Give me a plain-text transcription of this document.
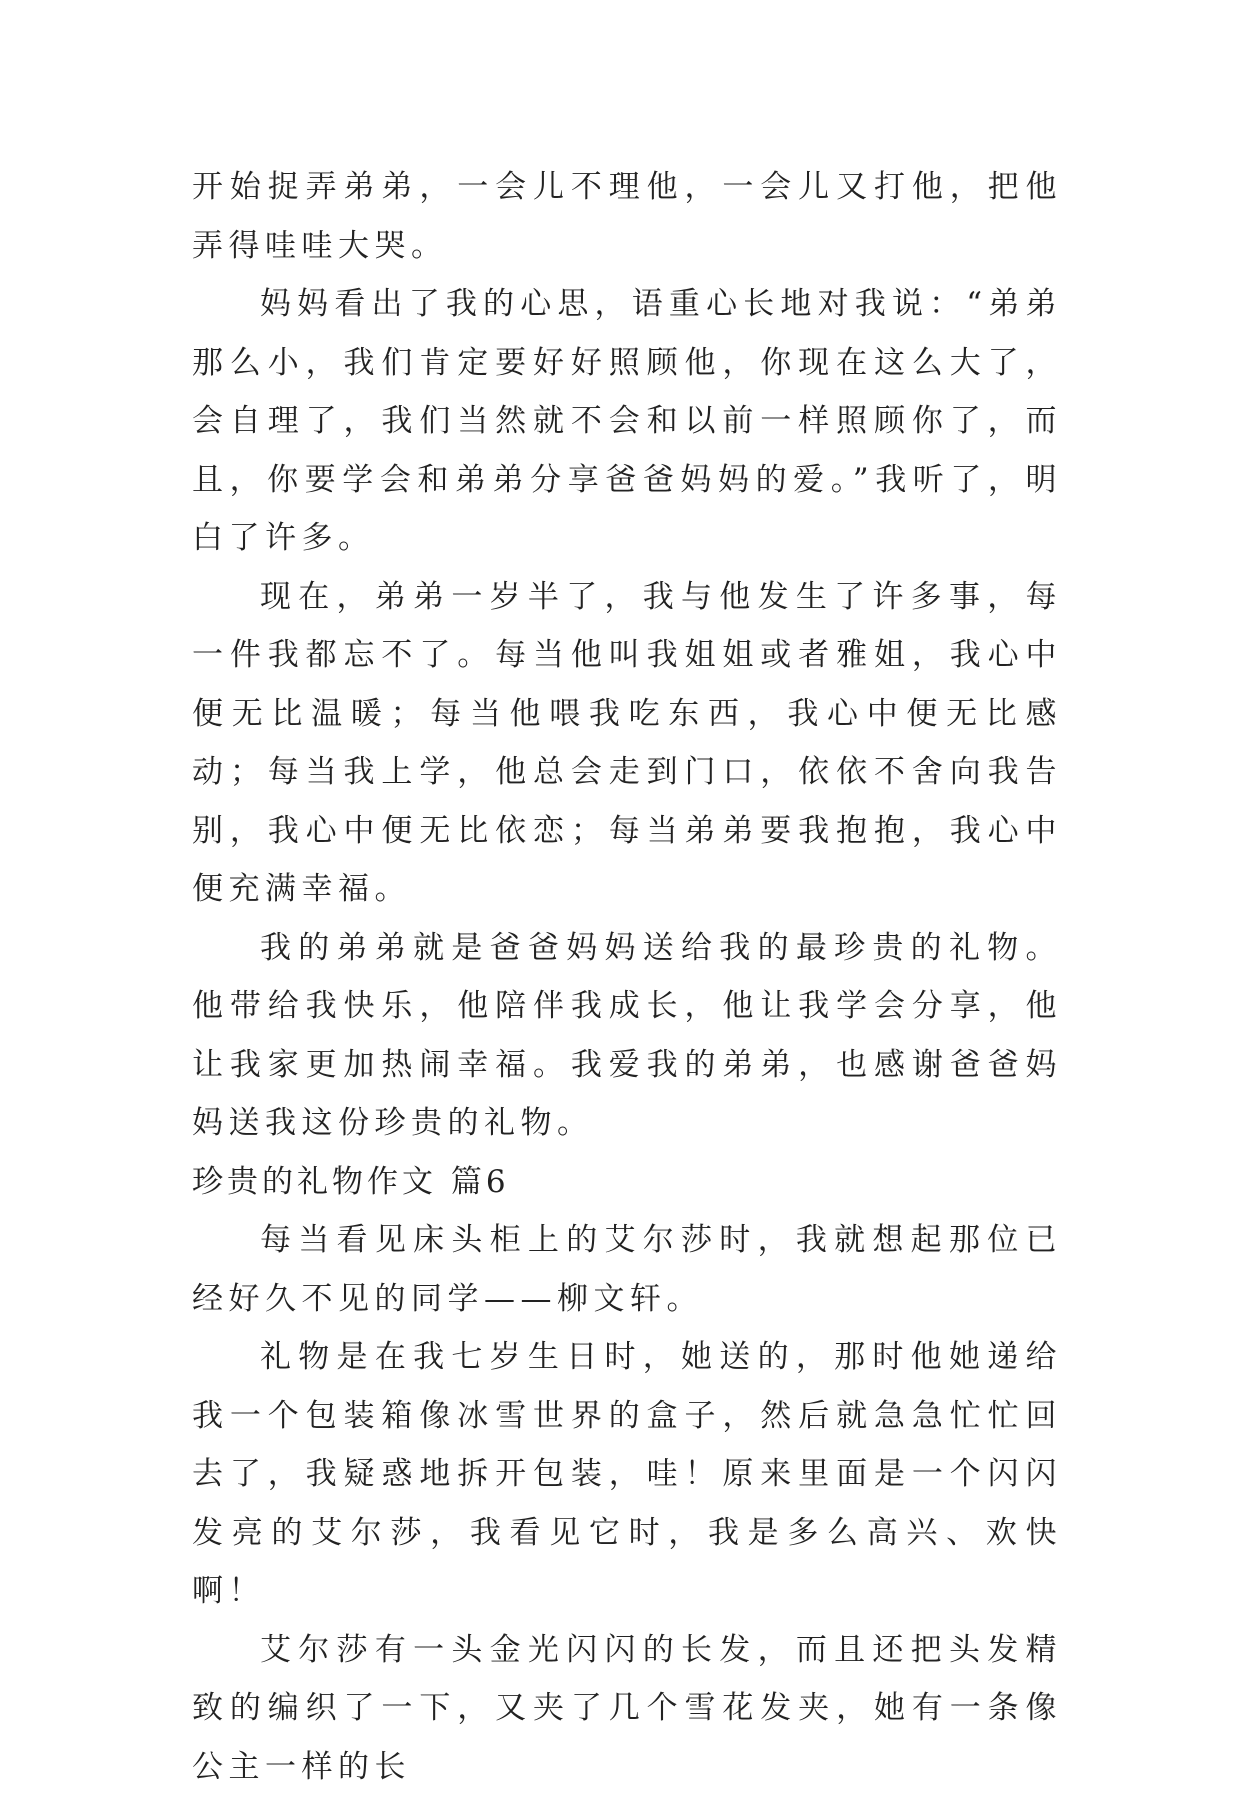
开始捉弄弟弟，一会儿不理他，一会儿又打他，把他弄得哇哇大哭。

妈妈看出了我的心思，语重心长地对我说：“弟弟那么小，我们肯定要好好照顾他，你现在这么大了，会自理了，我们当然就不会和以前一样照顾你了，而且，你要学会和弟弟分享爸爸妈妈的爱。”我听了，明白了许多。

现在，弟弟一岁半了，我与他发生了许多事，每一件我都忘不了。每当他叫我姐姐或者雅姐，我心中便无比温暖；每当他喂我吃东西，我心中便无比感动；每当我上学，他总会走到门口，依依不舍向我告别，我心中便无比依恋；每当弟弟要我抱抱，我心中便充满幸福。

我的弟弟就是爸爸妈妈送给我的最珍贵的礼物。他带给我快乐，他陪伴我成长，他让我学会分享，他让我家更加热闹幸福。我爱我的弟弟，也感谢爸爸妈妈送我这份珍贵的礼物。

珍贵的礼物作文 篇6

每当看见床头柜上的艾尔莎时，我就想起那位已经好久不见的同学——柳文轩。

礼物是在我七岁生日时，她送的，那时他她递给我一个包装箱像冰雪世界的盒子，然后就急急忙忙回去了，我疑惑地拆开包装，哇！原来里面是一个闪闪发亮的艾尔莎，我看见它时，我是多么高兴、欢快啊！

艾尔莎有一头金光闪闪的长发，而且还把头发精致的编织了一下，又夹了几个雪花发夹，她有一条像公主一样的长
